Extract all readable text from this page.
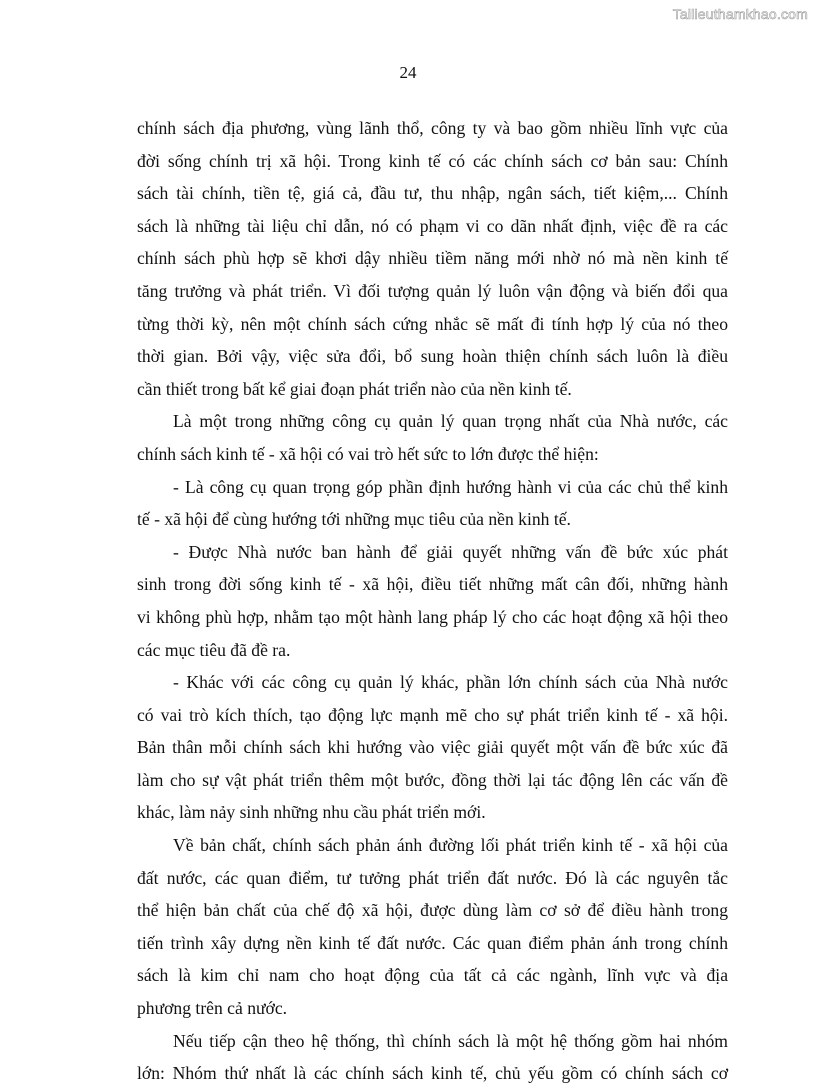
Tailieuthamkhao.com
24
chính sách địa phương, vùng lãnh thổ, công ty và bao gồm nhiều lĩnh vực của
đời sống chính trị xã hội. Trong kinh tế có các chính sách cơ bản sau: Chính
sách tài chính, tiền tệ, giá cả, đầu tư, thu nhập, ngân sách, tiết kiệm,... Chính
sách là những tài liệu chỉ dẫn, nó có phạm vi co dãn nhất định, việc đề ra các
chính sách phù hợp sẽ khơi dậy nhiều tiềm năng mới nhờ nó mà nền kinh tế
tăng trưởng và phát triển. Vì đối tượng quản lý luôn vận động và biến đổi qua
từng thời kỳ, nên một chính sách cứng nhắc sẽ mất đi tính hợp lý của nó theo
thời gian. Bởi vậy, việc sửa đổi, bổ sung hoàn thiện chính sách luôn là điều
cần thiết trong bất kể giai đoạn phát triển nào của nền kinh tế.
Là một trong những công cụ quản lý quan trọng nhất của Nhà nước, các
chính sách kinh tế - xã hội có vai trò hết sức to lớn được thể hiện:
- Là công cụ quan trọng góp phần định hướng hành vi của các chủ thể kinh
tế - xã hội để cùng hướng tới những mục tiêu của nền kinh tế.
- Được Nhà nước ban hành để giải quyết những vấn đề bức xúc phát
sinh trong đời sống kinh tế - xã hội, điều tiết những mất cân đối, những hành
vi không phù hợp, nhằm tạo một hành lang pháp lý cho các hoạt động xã hội theo
các mục tiêu đã đề ra.
- Khác với các công cụ quản lý khác, phần lớn chính sách của Nhà nước
có vai trò kích thích, tạo động lực mạnh mẽ cho sự phát triển kinh tế - xã hội.
Bản thân mỗi chính sách khi hướng vào việc giải quyết một vấn đề bức xúc đã
làm cho sự vật phát triển thêm một bước, đồng thời lại tác động lên các vấn đề
khác, làm nảy sinh những nhu cầu phát triển mới.
Về bản chất, chính sách phản ánh đường lối phát triển kinh tế - xã hội của
đất nước, các quan điểm, tư tưởng phát triển đất nước. Đó là các nguyên tắc
thể hiện bản chất của chế độ xã hội, được dùng làm cơ sở để điều hành trong
tiến trình xây dựng nền kinh tế đất nước. Các quan điểm phản ánh trong chính
sách là kim chỉ nam cho hoạt động của tất cả các ngành, lĩnh vực và địa
phương trên cả nước.
Nếu tiếp cận theo hệ thống, thì chính sách là một hệ thống gồm hai nhóm
lớn: Nhóm thứ nhất là các chính sách kinh tế, chủ yếu gồm có chính sách cơ
